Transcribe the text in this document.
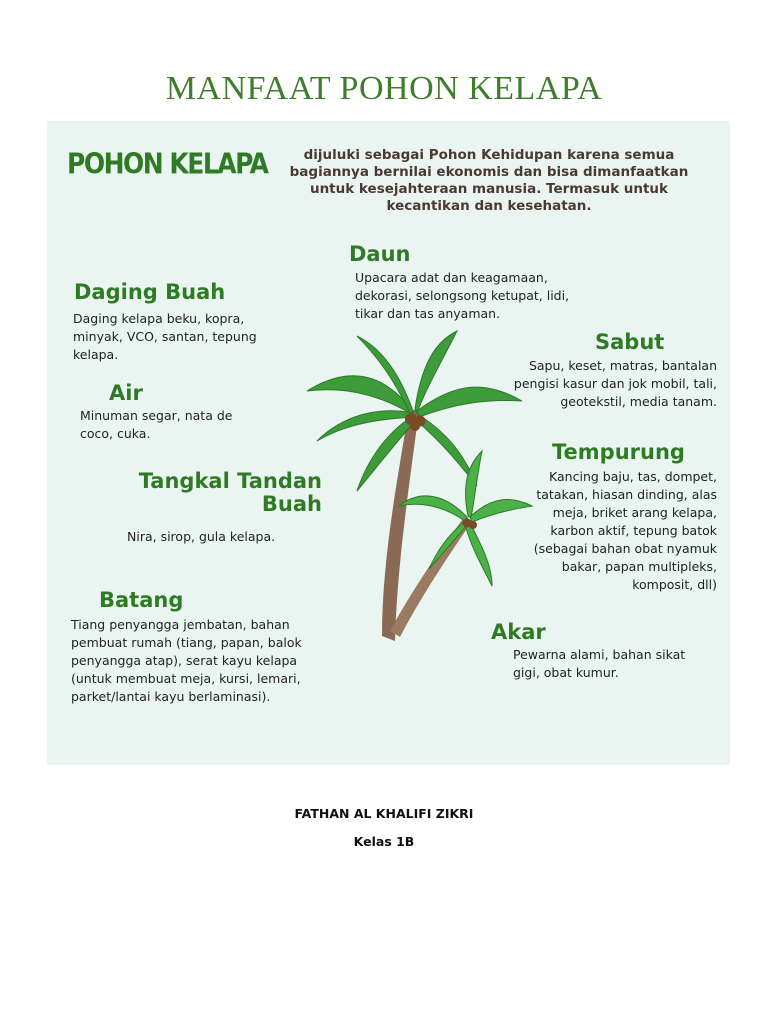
MANFAAT POHON KELAPA
POHON KELAPA	dijuluki sebagai Pohon Kehidupan karena semua bagiannya bernilai ekonomis dan bisa dimanfaatkan untuk kesejahteraan manusia. Termasuk untuk kecantikan dan kesehatan.
Daun
Upacara adat dan keagamaan, dekorasi, selongsong ketupat, lidi, tikar dan tas anyaman.
Daging Buah
Daging kelapa beku, kopra, minyak, VCO, santan, tepung kelapa.
Sabut
Sapu, keset, matras, bantalan pengisi kasur dan jok mobil, tali, geotekstil, media tanam.
Air
Minuman segar, nata de coco, cuka.
Tempurung
Kancing baju, tas, dompet, tatakan, hiasan dinding, alas meja, briket arang kelapa, karbon aktif, tepung batok (sebagai bahan obat nyamuk bakar, papan multipleks, komposit, dll)
Tangkal Tandan Buah
Nira, sirop, gula kelapa.
Batang
Tiang penyangga jembatan, bahan pembuat rumah (tiang, papan, balok penyangga atap), serat kayu kelapa (untuk membuat meja, kursi, lemari, parket/lantai kayu berlaminasi).
Akar
Pewarna alami, bahan sikat gigi, obat kumur.
FATHAN AL KHALIFI ZIKRI
Kelas 1B
